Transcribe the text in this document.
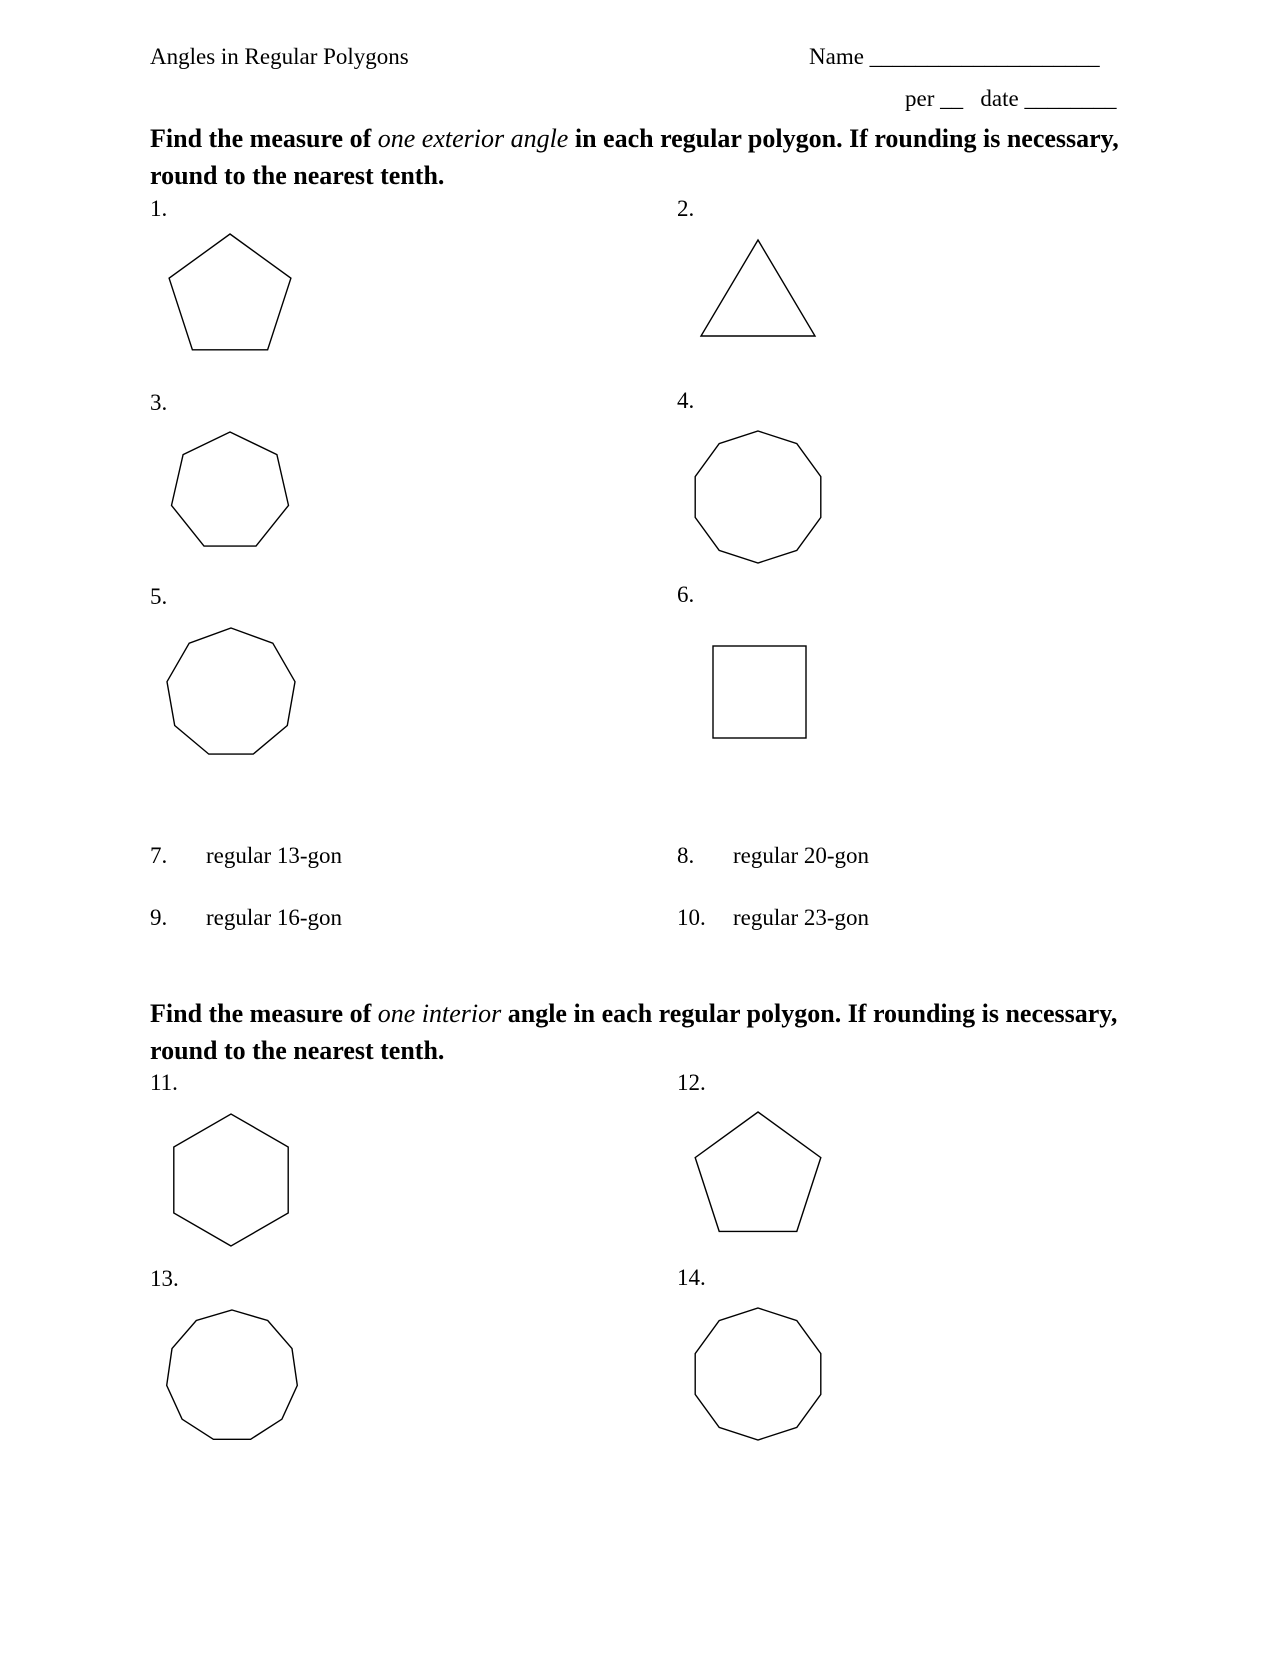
Angles in Regular Polygons	Name ____________________
per __ date ________
Find the measure of one exterior angle in each regular polygon. If rounding is necessary, round to the nearest tenth.
1.	2.
3.	4.
5.	6.
7. regular 13-gon	8. regular 20-gon
9. regular 16-gon	10. regular 23-gon
Find the measure of one interior angle in each regular polygon. If rounding is necessary, round to the nearest tenth.
11.	12.
13.	14.
